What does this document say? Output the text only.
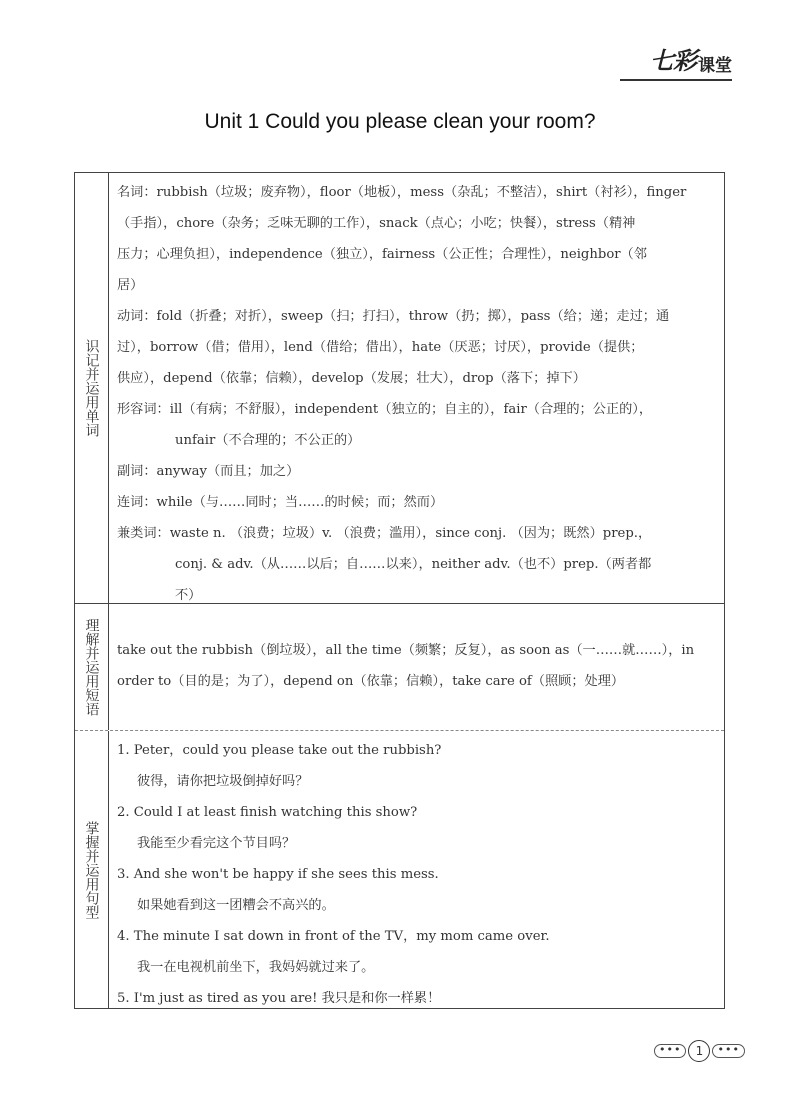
七彩 课堂
Unit 1 Could you please clean your room?
识记并运用单词
名词：rubbish（垃圾；废弃物），floor（地板），mess（杂乱；不整洁），shirt（衬衫），finger
（手指），chore（杂务；乏味无聊的工作），snack（点心；小吃；快餐），stress（精神
压力；心理负担），independence（独立），fairness（公正性；合理性），neighbor（邻
居）
动词：fold（折叠；对折），sweep（扫；打扫），throw（扔；掷），pass（给；递；走过；通
过），borrow（借；借用），lend（借给；借出），hate（厌恶；讨厌），provide（提供；
供应），depend（依靠；信赖），develop（发展；壮大），drop（落下；掉下）
形容词：ill（有病；不舒服），independent（独立的；自主的），fair（合理的；公正的），
unfair（不合理的；不公正的）
副词：anyway（而且；加之）
连词：while（与……同时；当……的时候；而；然而）
兼类词：waste n. （浪费；垃圾）v. （浪费；滥用），since conj. （因为；既然）prep.，
conj. & adv.（从……以后；自……以来），neither adv.（也不）prep.（两者都
不）
理解并运用短语 take out the rubbish（倒垃圾），all the time（频繁；反复），as soon as（一……就……），in
order to（目的是；为了），depend on（依靠；信赖），take care of（照顾；处理）
掌握并运用句型
1. Peter，could you please take out the rubbish?
彼得，请你把垃圾倒掉好吗？
2. Could I at least finish watching this show?
我能至少看完这个节目吗？
3. And she won't be happy if she sees this mess.
如果她看到这一团糟会不高兴的。
4. The minute I sat down in front of the TV，my mom came over.
我一在电视机前坐下，我妈妈就过来了。
5. I'm just as tired as you are! 我只是和你一样累！
•••	1	•••
